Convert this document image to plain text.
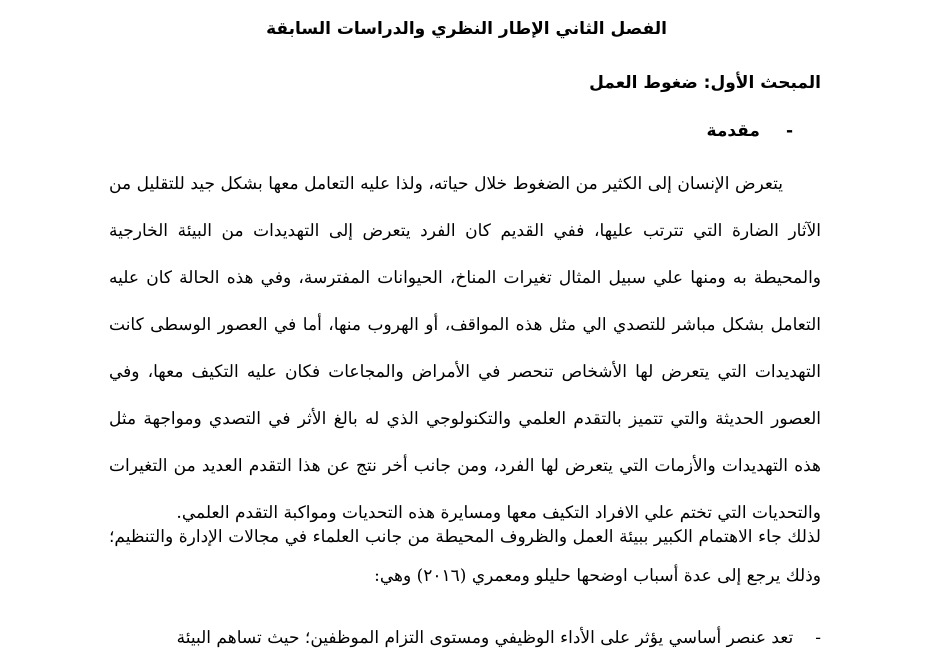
الفصل الثاني الإطار النظري والدراسات السابقة
المبحث الأول: ضغوط العمل
-مقدمة

يتعرض الإنسان إلى الكثير من الضغوط خلال حياته، ولذا عليه التعامل معها بشكل جيد للتقليل من الآثار الضارة التي تترتب عليها، ففي القديم كان الفرد يتعرض إلى التهديدات من البيئة الخارجية والمحيطة به ومنها علي سبيل المثال تغيرات المناخ، الحيوانات المفترسة، وفي هذه الحالة كان عليه التعامل بشكل مباشر للتصدي الي مثل هذه المواقف، أو الهروب منها، أما في العصور الوسطى كانت التهديدات التي يتعرض لها الأشخاص تنحصر في الأمراض والمجاعات فكان عليه التكيف معها، وفي العصور الحديثة والتي تتميز بالتقدم العلمي والتكنولوجي الذي له بالغ الأثر في التصدي ومواجهة مثل هذه التهديدات والأزمات التي يتعرض لها الفرد، ومن جانب أخر نتج عن هذا التقدم العديد من التغيرات والتحديات التي تختم علي الافراد التكيف معها ومسايرة هذه التحديات ومواكبة التقدم العلمي.

لذلك جاء الاهتمام الكبير ببيئة العمل والظروف المحيطة من جانب العلماء في مجالات الإدارة والتنظيم؛ وذلك يرجع إلى عدة أسباب اوضحها حليلو ومعمري (٢٠١٦) وهي:

-تعد عنصر أساسي يؤثر على الأداء الوظيفي ومستوى التزام الموظفين؛ حيث تساهم البيئة
